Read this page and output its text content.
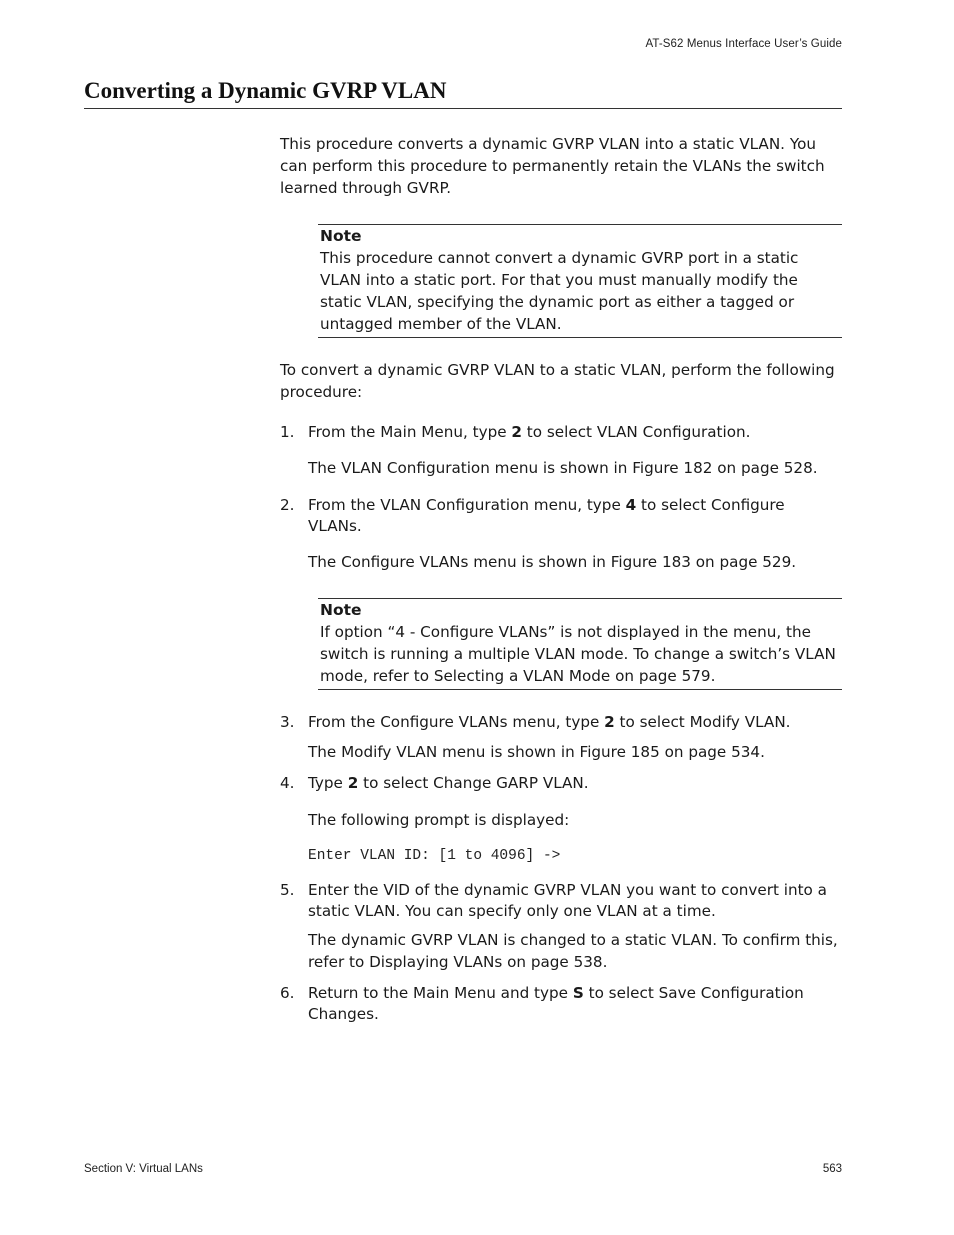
AT-S62 Menus Interface User’s Guide
Converting a Dynamic GVRP VLAN
This procedure converts a dynamic GVRP VLAN into a static VLAN. You can perform this procedure to permanently retain the VLANs the switch learned through GVRP.
Note
This procedure cannot convert a dynamic GVRP port in a static VLAN into a static port. For that you must manually modify the static VLAN, specifying the dynamic port as either a tagged or untagged member of the VLAN.
To convert a dynamic GVRP VLAN to a static VLAN, perform the following procedure:
1. From the Main Menu, type 2 to select VLAN Configuration.
The VLAN Configuration menu is shown in Figure 182 on page 528.
2. From the VLAN Configuration menu, type 4 to select Configure VLANs.
The Configure VLANs menu is shown in Figure 183 on page 529.
Note
If option “4 - Configure VLANs” is not displayed in the menu, the switch is running a multiple VLAN mode. To change a switch’s VLAN mode, refer to Selecting a VLAN Mode on page 579.
3. From the Configure VLANs menu, type 2 to select Modify VLAN.
The Modify VLAN menu is shown in Figure 185 on page 534.
4. Type 2 to select Change GARP VLAN.
The following prompt is displayed:
Enter VLAN ID: [1 to 4096] ->
5. Enter the VID of the dynamic GVRP VLAN you want to convert into a static VLAN. You can specify only one VLAN at a time.
The dynamic GVRP VLAN is changed to a static VLAN. To confirm this, refer to Displaying VLANs on page 538.
6. Return to the Main Menu and type S to select Save Configuration Changes.
Section V: Virtual LANs	563
